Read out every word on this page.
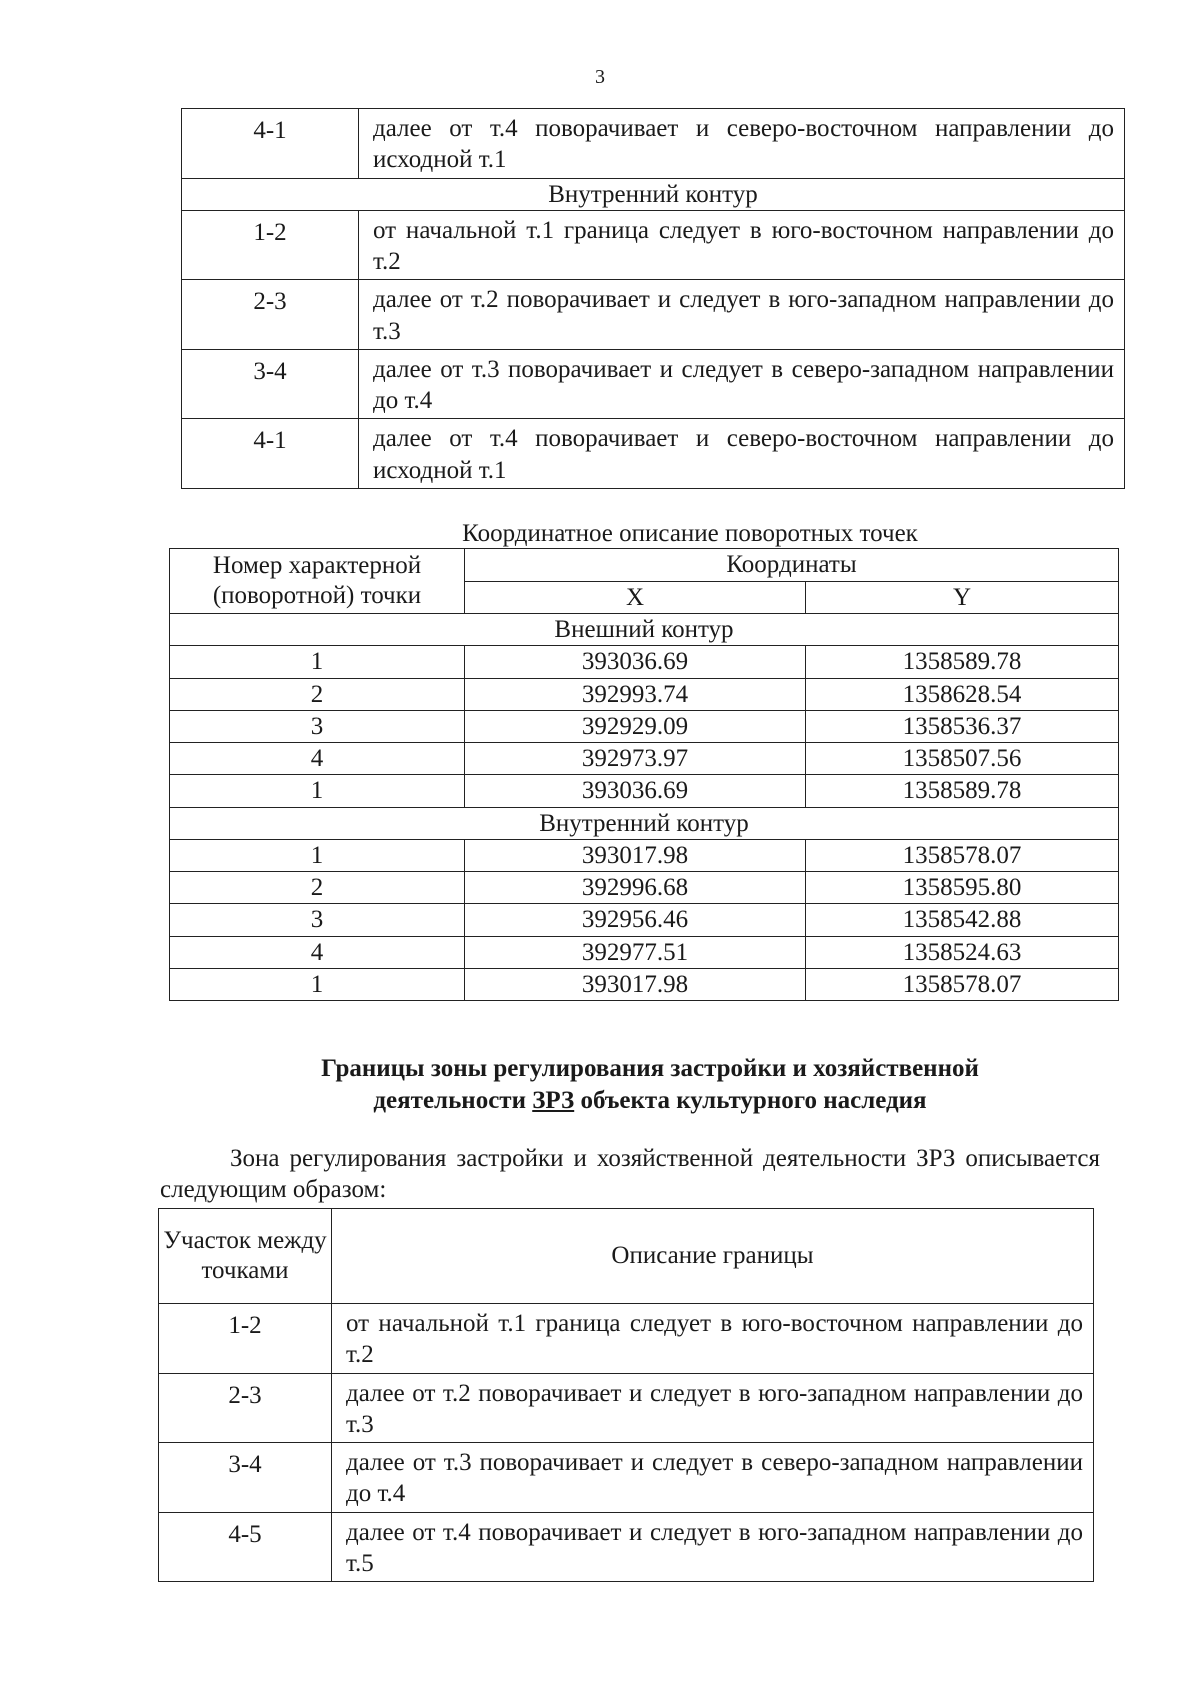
3
4-1	далее от т.4 поворачивает и северо-восточном направлении до исходной т.1
Внутренний контур	
1-2	от начальной т.1 граница следует в юго-восточном направлении до т.2
2-3	далее от т.2 поворачивает и следует в юго-западном направлении до т.3
3-4	далее от т.3 поворачивает и следует в северо-западном направлении до т.4
4-1	далее от т.4 поворачивает и северо-восточном направлении до исходной т.1
Координатное описание поворотных точек
Номер характерной (поворотной) точки	Координаты	
	X	Y
Внешний контур		
1	393036.69	1358589.78
2	392993.74	1358628.54
3	392929.09	1358536.37
4	392973.97	1358507.56
1	393036.69	1358589.78
Внутренний контур		
1	393017.98	1358578.07
2	392996.68	1358595.80
3	392956.46	1358542.88
4	392977.51	1358524.63
1	393017.98	1358578.07
Границы зоны регулирования застройки и хозяйственной
деятельности ЗРЗ объекта культурного наследия
Зона регулирования застройки и хозяйственной деятельности ЗРЗ описывается следующим образом:
Участок между точками	Описание границы
1-2	от начальной т.1 граница следует в юго-восточном направлении до т.2
2-3	далее от т.2 поворачивает и следует в юго-западном направлении до т.3
3-4	далее от т.3 поворачивает и следует в северо-западном направлении до т.4
4-5	далее от т.4 поворачивает и следует в юго-западном направлении до т.5
